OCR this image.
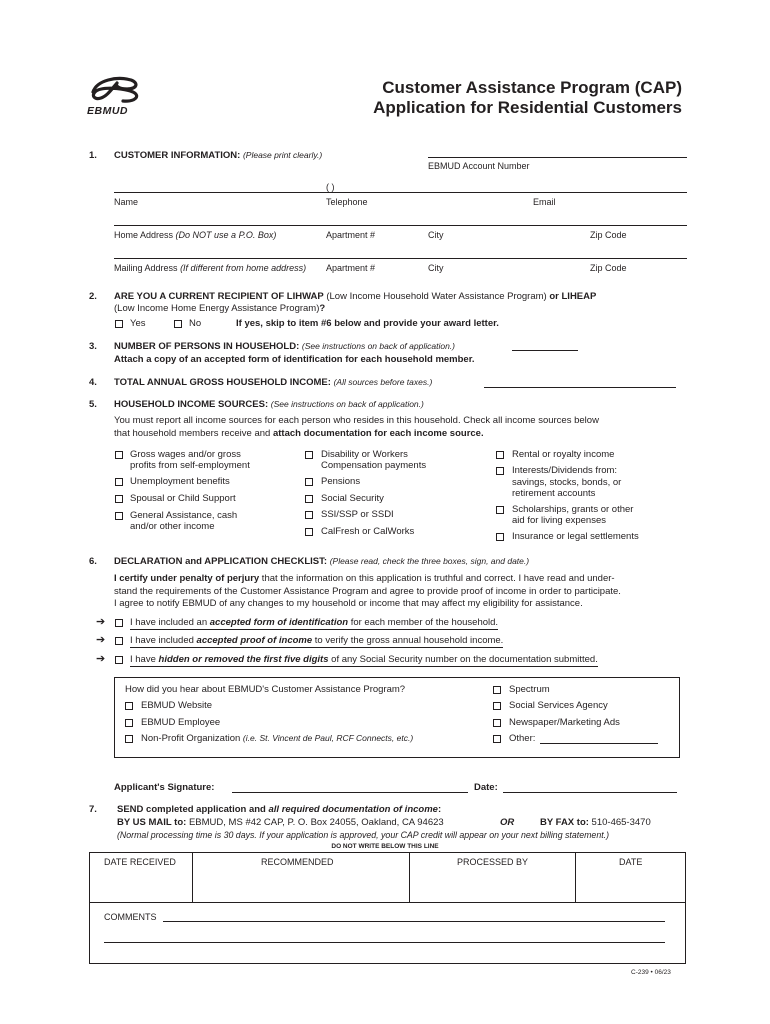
EBMUD
Customer Assistance Program (CAP)
Application for Residential Customers
1. CUSTOMER INFORMATION: (Please print clearly.)
EBMUD Account Number
( )
Name	Telephone	Email
Home Address (Do NOT use a P.O. Box)	Apartment #	City	Zip Code
Mailing Address (If different from home address) Apartment #	City	Zip Code
2. ARE YOU A CURRENT RECIPIENT OF LIHWAP (Low Income Household Water Assistance Program) or LIHEAP
(Low Income Home Energy Assistance Program)?
Yes	No	If yes, skip to item #6 below and provide your award letter.
3. NUMBER OF PERSONS IN HOUSEHOLD: (See instructions on back of application.)
Attach a copy of an accepted form of identification for each household member.
4. TOTAL ANNUAL GROSS HOUSEHOLD INCOME: (All sources before taxes.)
5. HOUSEHOLD INCOME SOURCES: (See instructions on back of application.)
You must report all income sources for each person who resides in this household. Check all income sources below
that household members receive and attach documentation for each income source.
Gross wages and/or gross
profits from self-employment
Unemployment benefits
Spousal or Child Support
General Assistance, cash
and/or other income
Disability or Workers
Compensation payments
Pensions
Social Security
SSI/SSP or SSDI
CalFresh or CalWorks
Rental or royalty income
Interests/Dividends from:
savings, stocks, bonds, or
retirement accounts
Scholarships, grants or other
aid for living expenses
Insurance or legal settlements
6. DECLARATION and APPLICATION CHECKLIST: (Please read, check the three boxes, sign, and date.)
I certify under penalty of perjury that the information on this application is truthful and correct. I have read and under-
stand the requirements of the Customer Assistance Program and agree to provide proof of income in order to participate.
I agree to notify EBMUD of any changes to my household or income that may affect my eligibility for assistance.
➔	I have included an accepted form of identification for each member of the household.
➔	I have included accepted proof of income to verify the gross annual household income.
➔	I have hidden or removed the first five digits of any Social Security number on the documentation submitted.
How did you hear about EBMUD's Customer Assistance Program?
EBMUD Website
EBMUD Employee
Non-Profit Organization (i.e. St. Vincent de Paul, RCF Connects, etc.)
Spectrum
Social Services Agency
Newspaper/Marketing Ads
Other:
Applicant's Signature:	Date:
7. SEND completed application and all required documentation of income:
BY US MAIL to: EBMUD, MS #42 CAP, P. O. Box 24055, Oakland, CA 94623	OR	BY FAX to: 510-465-3470
(Normal processing time is 30 days. If your application is approved, your CAP credit will appear on your next billing statement.)
DO NOT WRITE BELOW THIS LINE
DATE RECEIVED	RECOMMENDED	PROCESSED BY	DATE
COMMENTS
C-239 • 06/23
